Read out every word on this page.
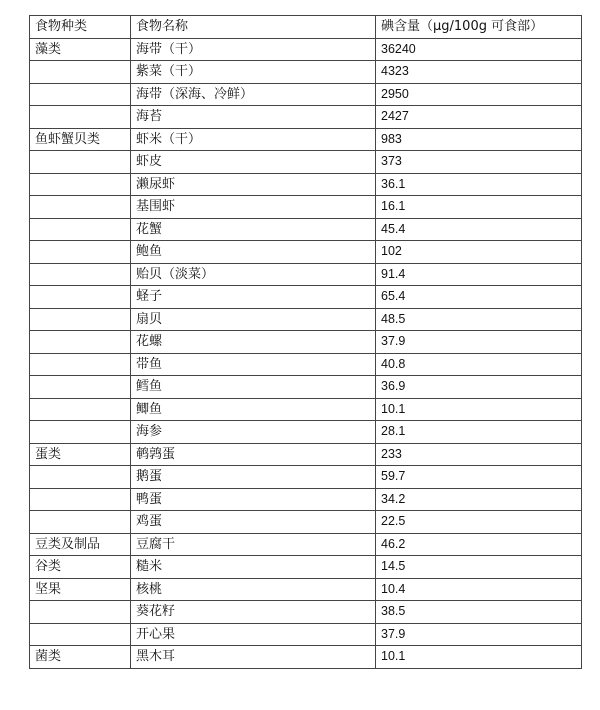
食物种类	食物名称	碘含量（μg/100g 可食部）
藻类	海带（干）	36240
	紫菜（干）	4323
	海带（深海、冷鲜）	2950
	海苔	2427
鱼虾蟹贝类	虾米（干）	983
	虾皮	373
	濑尿虾	36.1
	基围虾	16.1
	花蟹	45.4
	鲍鱼	102
	贻贝（淡菜）	91.4
	蛏子	65.4
	扇贝	48.5
	花螺	37.9
	带鱼	40.8
	鳕鱼	36.9
	鲫鱼	10.1
	海参	28.1
蛋类	鹌鹑蛋	233
	鹅蛋	59.7
	鸭蛋	34.2
	鸡蛋	22.5
豆类及制品	豆腐干	46.2
谷类	糙米	14.5
坚果	核桃	10.4
	葵花籽	38.5
	开心果	37.9
菌类	黑木耳	10.1
